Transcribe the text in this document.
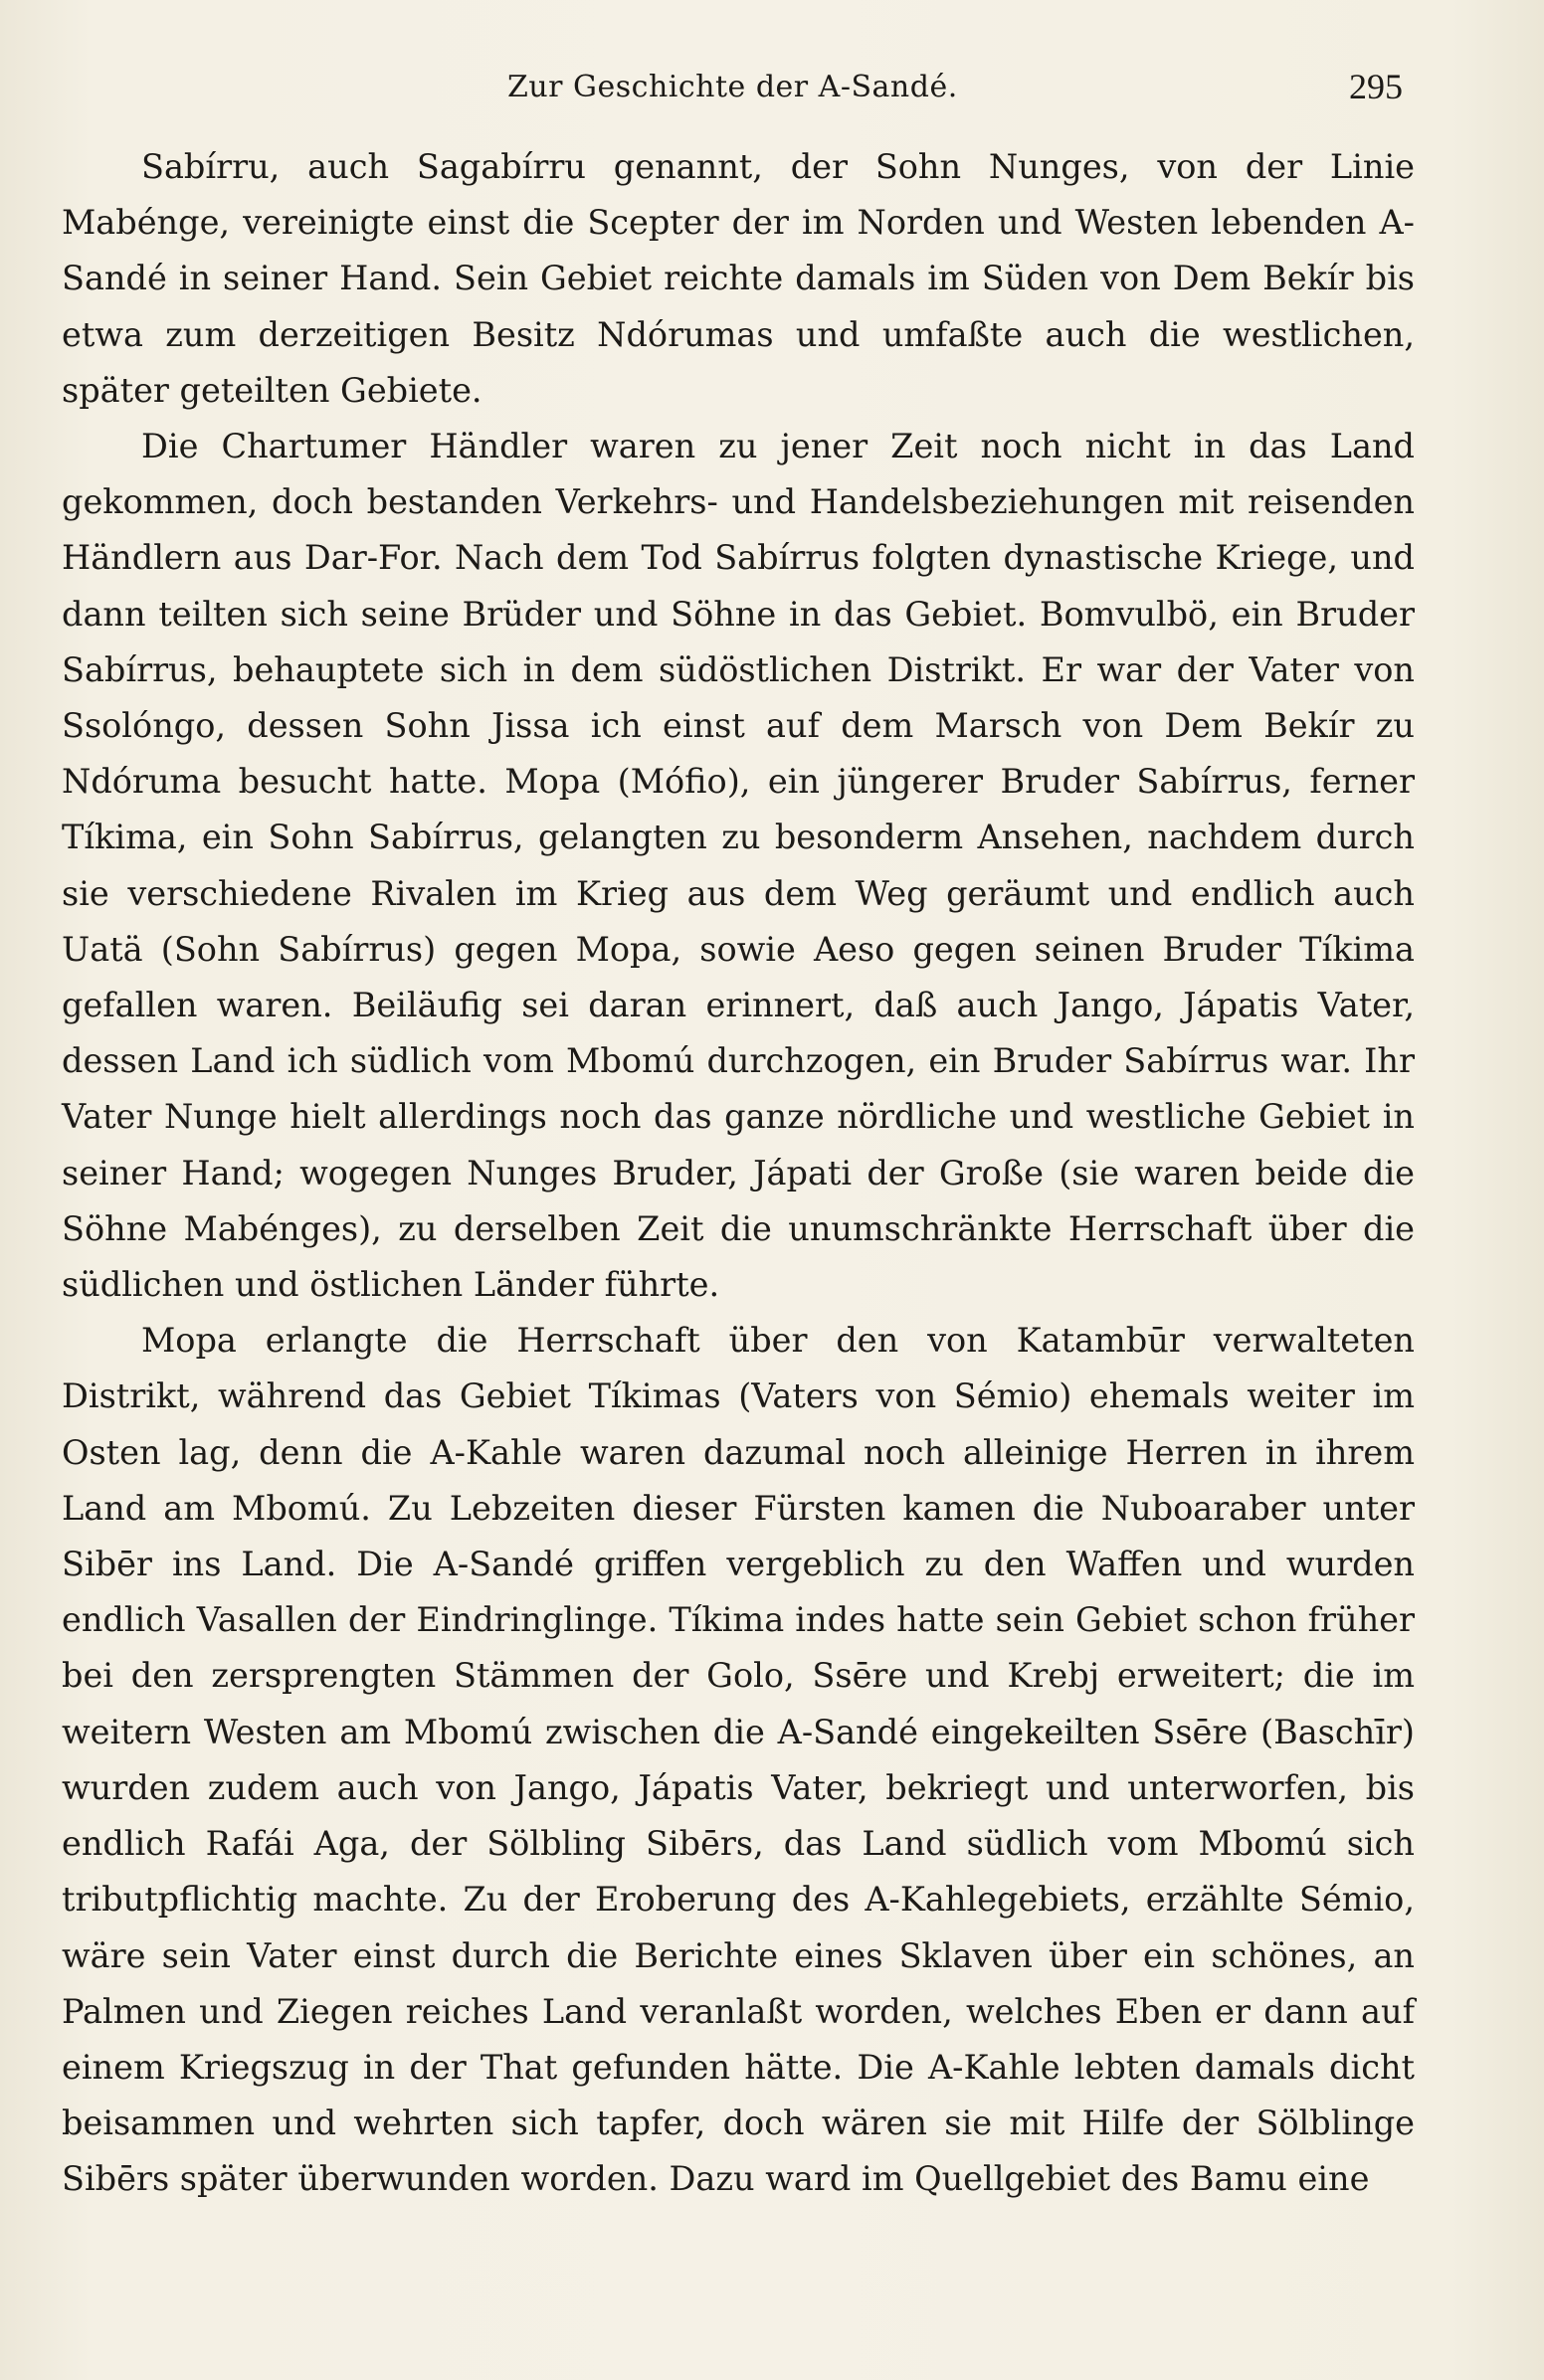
Zur Geschichte der A-Sandé.	295

Sabírru, auch Sagabírru genannt, der Sohn Nunges, von der Linie Mabénge, vereinigte einst die Scepter der im Norden und Westen lebenden A-Sandé in seiner Hand. Sein Gebiet reichte damals im Süden von Dem Bekír bis etwa zum derzeitigen Besitz Ndórumas und umfaßte auch die westlichen, später geteilten Gebiete.

Die Chartumer Händler waren zu jener Zeit noch nicht in das Land gekommen, doch bestanden Verkehrs- und Handelsbeziehungen mit reisenden Händlern aus Dar-For. Nach dem Tod Sabírrus folgten dynastische Kriege, und dann teilten sich seine Brüder und Söhne in das Gebiet. Bomvulbö, ein Bruder Sabírrus, behauptete sich in dem südöstlichen Distrikt. Er war der Vater von Ssolóngo, dessen Sohn Jissa ich einst auf dem Marsch von Dem Bekír zu Ndóruma besucht hatte. Mopa (Mófio), ein jüngerer Bruder Sabírrus, ferner Tíkima, ein Sohn Sabírrus, gelangten zu besonderm Ansehen, nachdem durch sie verschiedene Rivalen im Krieg aus dem Weg geräumt und endlich auch Uatä (Sohn Sabírrus) gegen Mopa, sowie Aeso gegen seinen Bruder Tíkima gefallen waren. Beiläufig sei daran erinnert, daß auch Jango, Jápatis Vater, dessen Land ich südlich vom Mbomú durchzogen, ein Bruder Sabírrus war. Ihr Vater Nunge hielt allerdings noch das ganze nördliche und westliche Gebiet in seiner Hand; wogegen Nunges Bruder, Jápati der Große (sie waren beide die Söhne Mabénges), zu derselben Zeit die unumschränkte Herrschaft über die südlichen und östlichen Länder führte.

Mopa erlangte die Herrschaft über den von Katambūr verwalteten Distrikt, während das Gebiet Tíkimas (Vaters von Sémio) ehemals weiter im Osten lag, denn die A-Kahle waren dazumal noch alleinige Herren in ihrem Land am Mbomú. Zu Lebzeiten dieser Fürsten kamen die Nuboaraber unter Sibēr ins Land. Die A-Sandé griffen vergeblich zu den Waffen und wurden endlich Vasallen der Eindringlinge. Tíkima indes hatte sein Gebiet schon früher bei den zersprengten Stämmen der Golo, Ssēre und Krebj erweitert; die im weitern Westen am Mbomú zwischen die A-Sandé eingekeilten Ssēre (Baschīr) wurden zudem auch von Jango, Jápatis Vater, bekriegt und unterworfen, bis endlich Rafái Aga, der Sölbling Sibērs, das Land südlich vom Mbomú sich tributpflichtig machte. Zu der Eroberung des A-Kahlegebiets, erzählte Sémio, wäre sein Vater einst durch die Berichte eines Sklaven über ein schönes, an Palmen und Ziegen reiches Land veranlaßt worden, welches Eben er dann auf einem Kriegszug in der That gefunden hätte. Die A-Kahle lebten damals dicht beisammen und wehrten sich tapfer, doch wären sie mit Hilfe der Sölblinge Sibērs später überwunden worden. Dazu ward im Quellgebiet des Bamu eine
